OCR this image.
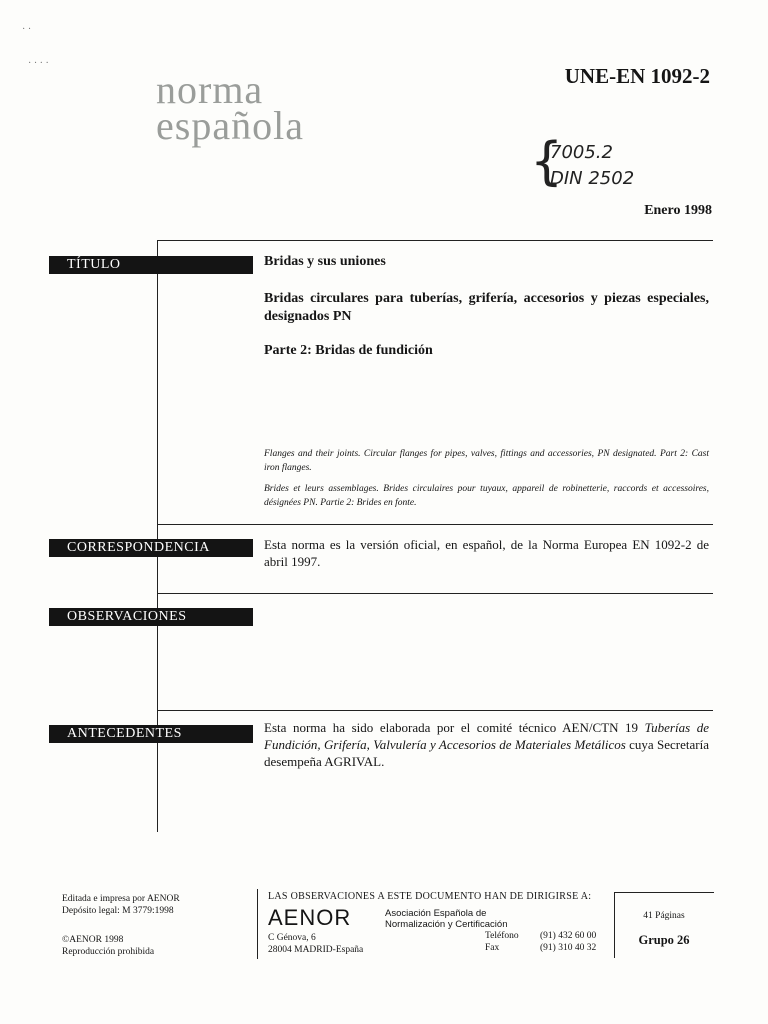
· ·
· · · ·
norma
española
UNE-EN 1092-2
{
7005.2
DIN 2502
Enero 1998
TÍTULO	Bridas y sus uniones
Bridas circulares para tuberías, grifería, accesorios y piezas especiales, designados PN
Parte 2: Bridas de fundición
Flanges and their joints. Circular flanges for pipes, valves, fittings and accessories, PN designated. Part 2: Cast iron flanges.
Brides et leurs assemblages. Brides circulaires pour tuyaux, appareil de robinetterie, raccords et accessoires, désignées PN. Partie 2: Brides en fonte.
CORRESPONDENCIA	Esta norma es la versión oficial, en español, de la Norma Europea EN 1092-2 de abril 1997.
OBSERVACIONES
ANTECEDENTES	Esta norma ha sido elaborada por el comité técnico AEN/CTN 19 Tuberías de Fundición, Grifería, Valvulería y Accesorios de Materiales Metálicos cuya Secretaría desempeña AGRIVAL.
Editada e impresa por AENOR
Depósito legal: M 3779:1998
©AENOR 1998
Reproducción prohibida
LAS OBSERVACIONES A ESTE DOCUMENTO HAN DE DIRIGIRSE A:
AENOR	Asociación Española de
Normalización y Certificación
C Génova, 6
28004 MADRID-España
Teléfono (91) 432 60 00
Fax	(91) 310 40 32
41 Páginas
Grupo 26
